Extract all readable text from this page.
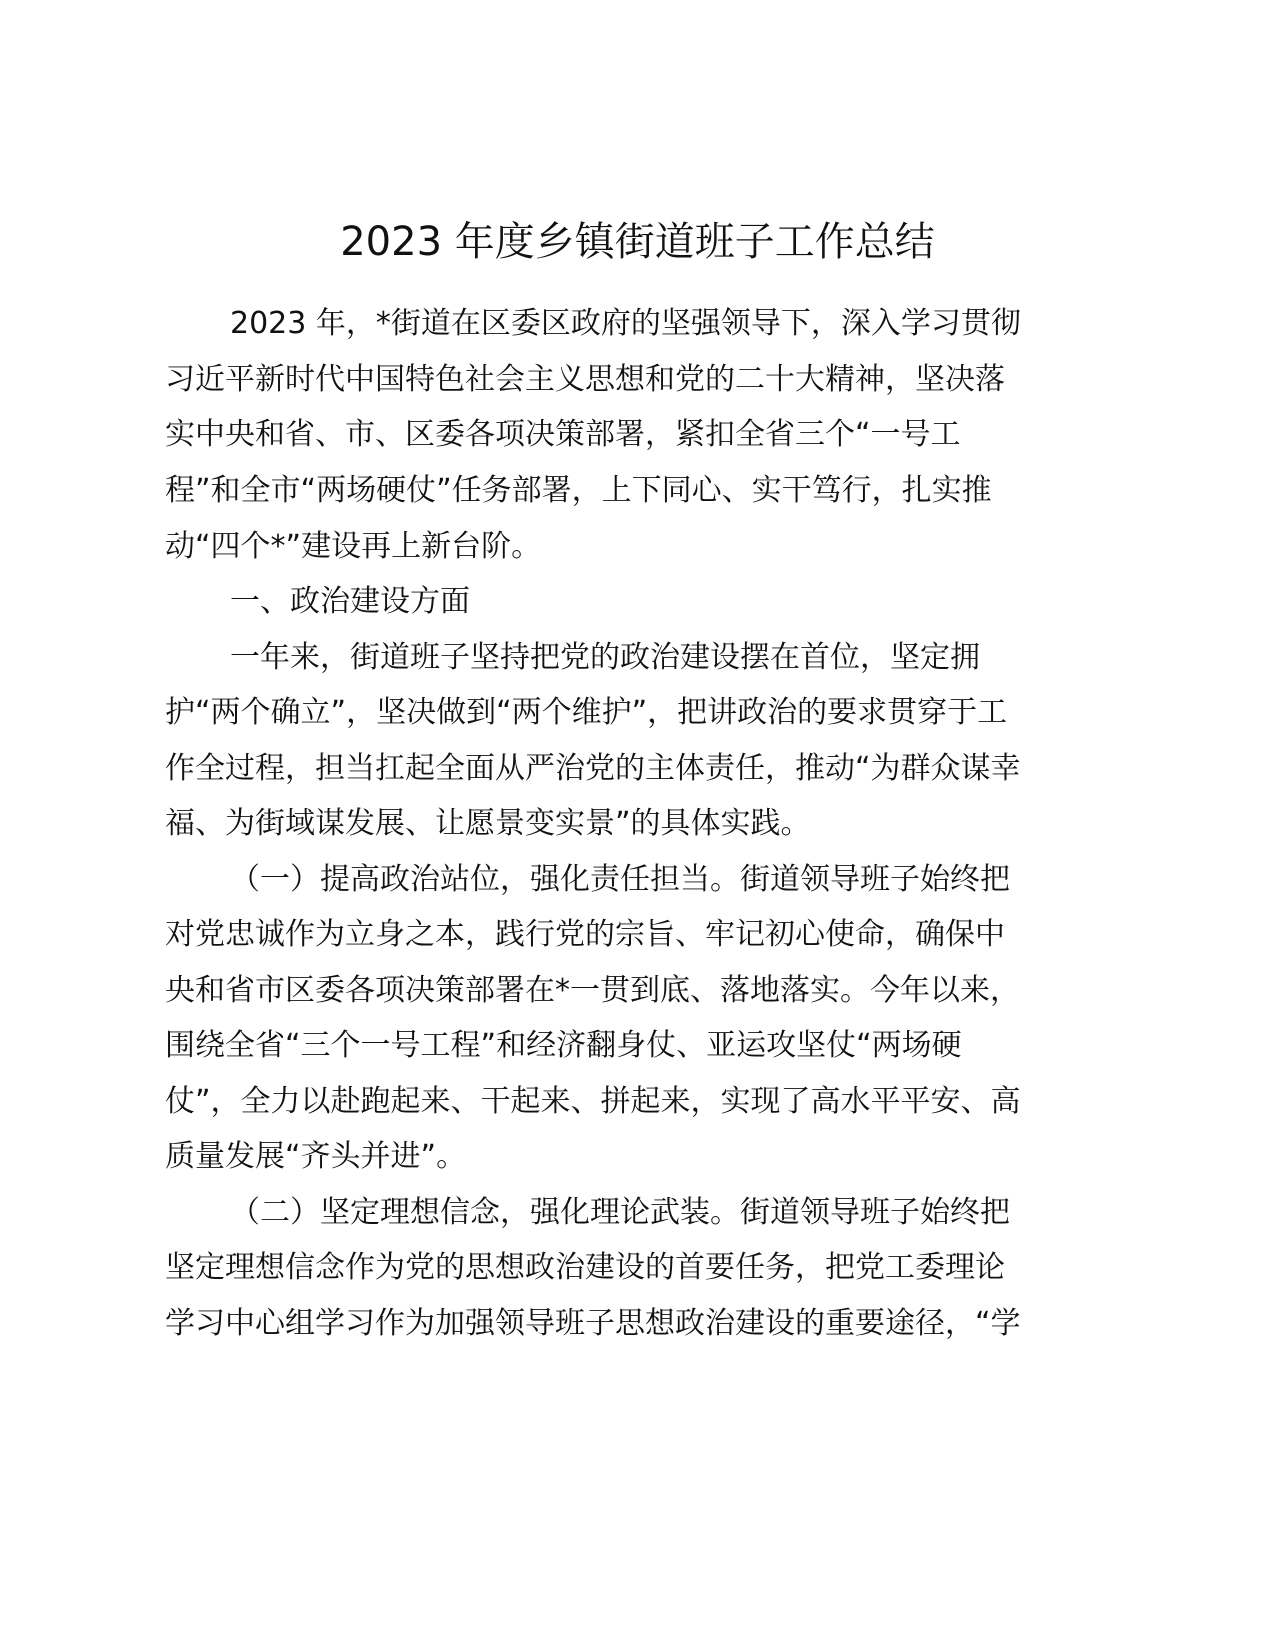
2023 年度乡镇街道班子工作总结

2023 年，*街道在区委区政府的坚强领导下，深入学习贯彻

习近平新时代中国特色社会主义思想和党的二十大精神，坚决落

实中央和省、市、区委各项决策部署，紧扣全省三个“一号工

程”和全市“两场硬仗”任务部署，上下同心、实干笃行，扎实推

动“四个*”建设再上新台阶。

一、政治建设方面

一年来，街道班子坚持把党的政治建设摆在首位，坚定拥

护“两个确立”，坚决做到“两个维护”，把讲政治的要求贯穿于工

作全过程，担当扛起全面从严治党的主体责任，推动“为群众谋幸

福、为街域谋发展、让愿景变实景”的具体实践。

（一）提高政治站位，强化责任担当。街道领导班子始终把

对党忠诚作为立身之本，践行党的宗旨、牢记初心使命，确保中

央和省市区委各项决策部署在*一贯到底、落地落实。今年以来，

围绕全省“三个一号工程”和经济翻身仗、亚运攻坚仗“两场硬

仗”，全力以赴跑起来、干起来、拼起来，实现了高水平平安、高

质量发展“齐头并进”。

（二）坚定理想信念，强化理论武装。街道领导班子始终把

坚定理想信念作为党的思想政治建设的首要任务，把党工委理论

学习中心组学习作为加强领导班子思想政治建设的重要途径，“学
